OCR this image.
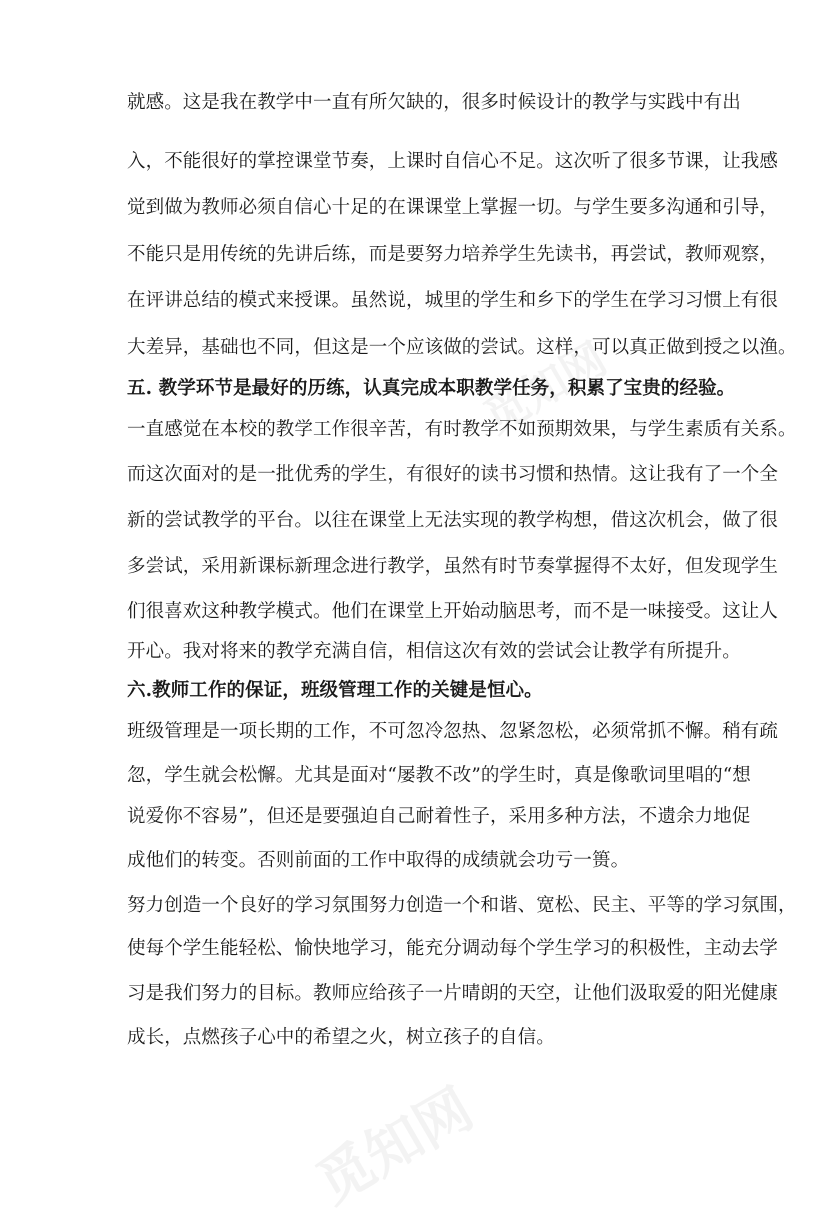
觅知网
觅知网
就感。这是我在教学中一直有所欠缺的，很多时候设计的教学与实践中有出
入，不能很好的掌控课堂节奏，上课时自信心不足。这次听了很多节课，让我感
觉到做为教师必须自信心十足的在课课堂上掌握一切。与学生要多沟通和引导，
不能只是用传统的先讲后练，而是要努力培养学生先读书，再尝试，教师观察，
在评讲总结的模式来授课。虽然说，城里的学生和乡下的学生在学习习惯上有很
大差异，基础也不同，但这是一个应该做的尝试。这样，可以真正做到授之以渔。
五. 教学环节是最好的历练，认真完成本职教学任务，积累了宝贵的经验。
一直感觉在本校的教学工作很辛苦，有时教学不如预期效果，与学生素质有关系。
而这次面对的是一批优秀的学生，有很好的读书习惯和热情。这让我有了一个全
新的尝试教学的平台。以往在课堂上无法实现的教学构想，借这次机会，做了很
多尝试，采用新课标新理念进行教学，虽然有时节奏掌握得不太好，但发现学生
们很喜欢这种教学模式。他们在课堂上开始动脑思考，而不是一味接受。这让人
开心。我对将来的教学充满自信，相信这次有效的尝试会让教学有所提升。
六.教师工作的保证，班级管理工作的关键是恒心。
班级管理是一项长期的工作，不可忽冷忽热、忽紧忽松，必须常抓不懈。稍有疏
忽，学生就会松懈。尤其是面对“屡教不改”的学生时，真是像歌词里唱的“想
说爱你不容易”，但还是要强迫自己耐着性子，采用多种方法，不遗余力地促
成他们的转变。否则前面的工作中取得的成绩就会功亏一篑。
努力创造一个良好的学习氛围努力创造一个和谐、宽松、民主、平等的学习氛围，
使每个学生能轻松、愉快地学习，能充分调动每个学生学习的积极性，主动去学
习是我们努力的目标。教师应给孩子一片晴朗的天空，让他们汲取爱的阳光健康
成长，点燃孩子心中的希望之火，树立孩子的自信。
